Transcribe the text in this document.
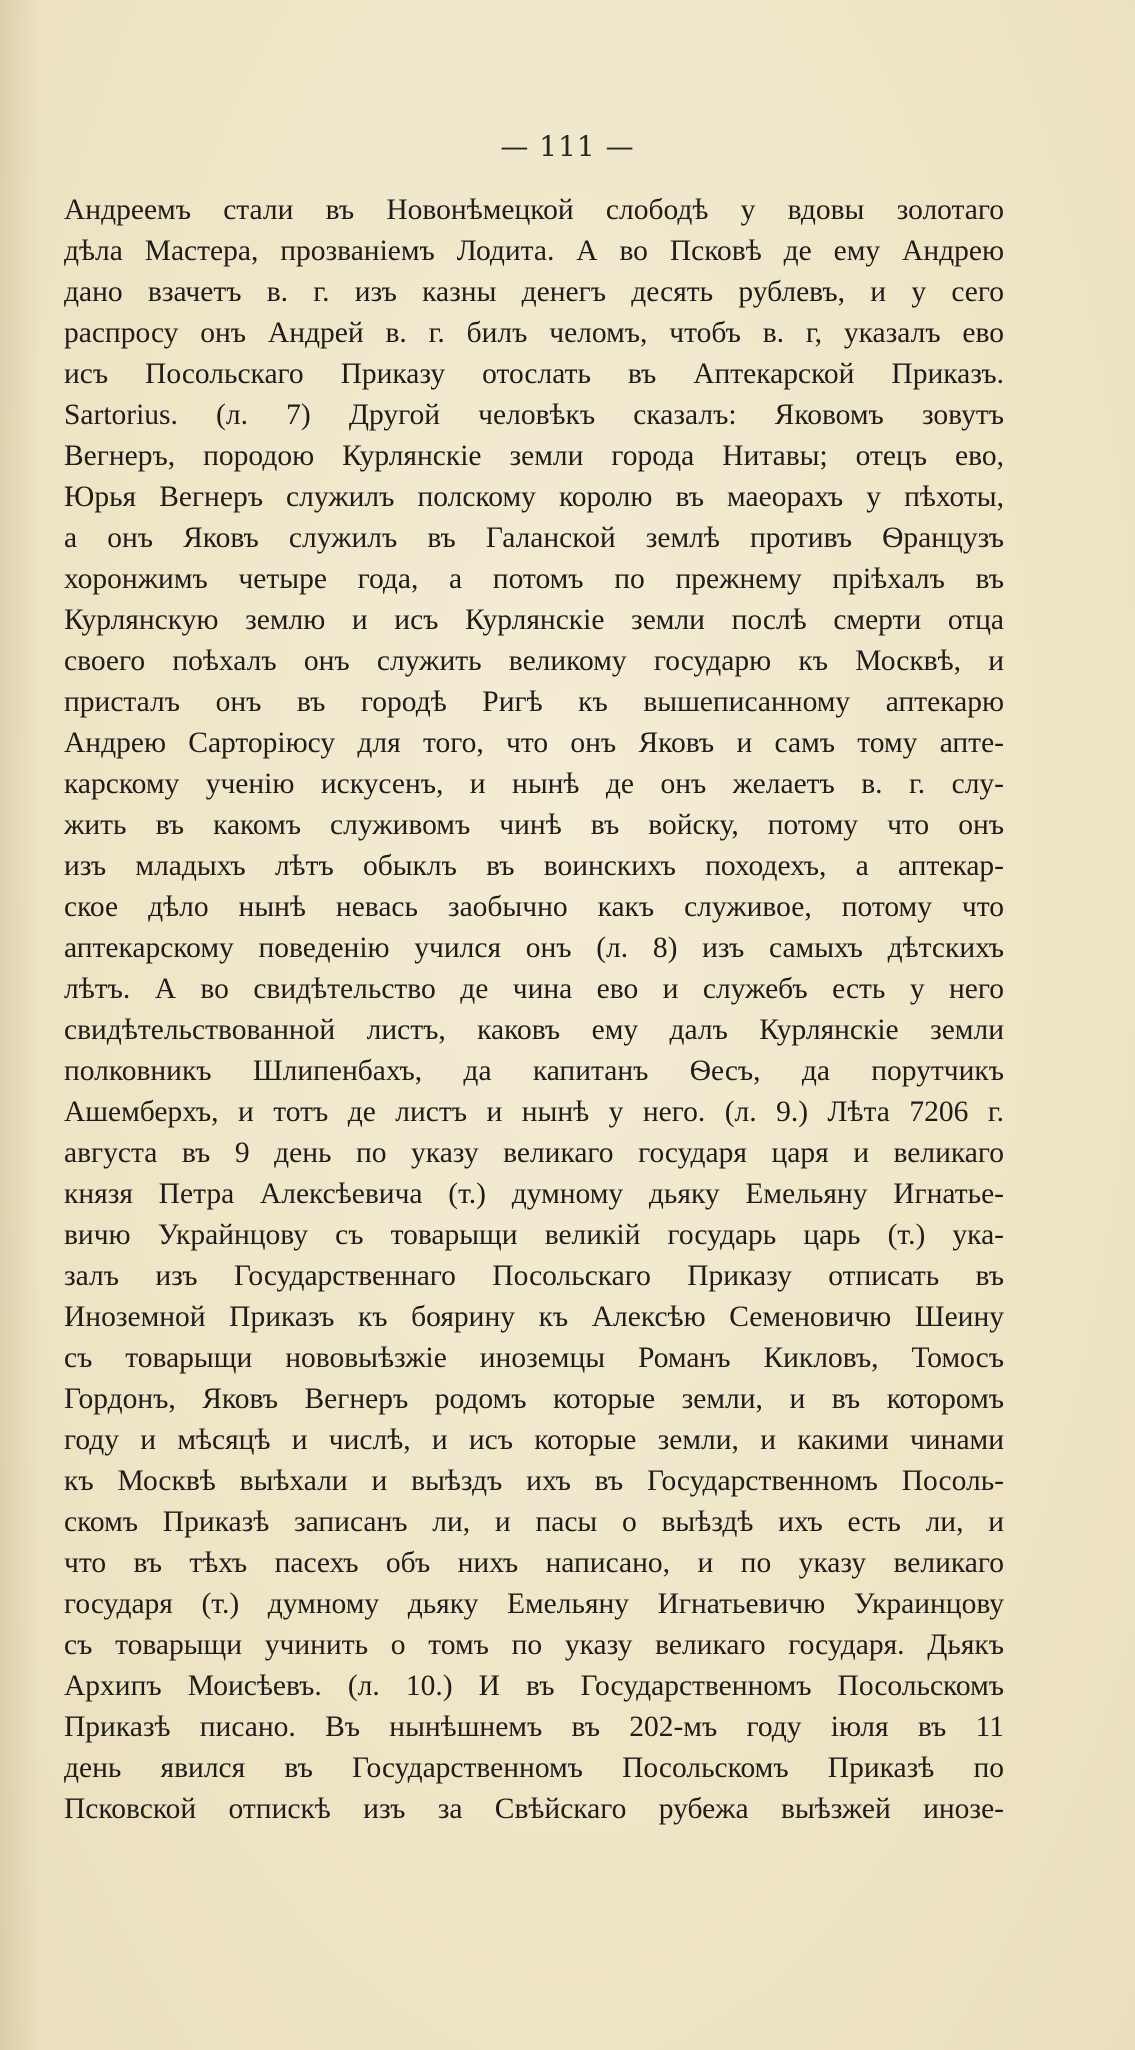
— 111 —
Андреемъ стали въ Новонѣмецкой слободѣ у вдовы золотаго
дѣла Мастера, прозваніемъ Лодита. А во Псковѣ де ему Андрею
дано взачетъ в. г. изъ казны денегъ десять рублевъ, и у сего
распросу онъ Андрей в. г. билъ челомъ, чтобъ в. г, указалъ ево
исъ Посольскаго Приказу отослать въ Аптекарской Приказъ.
Sartorius. (л. 7) Другой человѣкъ сказалъ: Яковомъ зовутъ
Вегнеръ, породою Курлянскіе земли города Нитавы; отецъ ево,
Юрья Вегнеръ служилъ полскому королю въ маеорахъ у пѣхоты,
а онъ Яковъ служилъ въ Галанской землѣ противъ Ѳранцузъ
хоронжимъ четыре года, а потомъ по прежнему пріѣхалъ въ
Курлянскую землю и исъ Курлянскіе земли послѣ смерти отца
своего поѣхалъ онъ служить великому государю къ Москвѣ, и
присталъ онъ въ городѣ Ригѣ къ вышеписанному аптекарю
Андрею Сарторіюсу для того, что онъ Яковъ и самъ тому апте-
карскому ученію искусенъ, и нынѣ де онъ желаетъ в. г. слу-
жить въ какомъ служивомъ чинѣ въ войску, потому что онъ
изъ младыхъ лѣтъ обыклъ въ воинскихъ походехъ, а аптекар-
ское дѣло нынѣ невась заобычно какъ служивое, потому что
аптекарскому поведенію учился онъ (л. 8) изъ самыхъ дѣтскихъ
лѣтъ. А во свидѣтельство де чина ево и служебъ есть у него
свидѣтельствованной листъ, каковъ ему далъ Курлянскіе земли
полковникъ Шлипенбахъ, да капитанъ Ѳесъ, да порутчикъ
Ашемберхъ, и тотъ де листъ и нынѣ у него. (л. 9.) Лѣта 7206 г.
августа въ 9 день по указу великаго государя царя и великаго
князя Петра Алексѣевича (т.) думному дьяку Емельяну Игнатье-
вичю Украйнцову съ товарыщи великій государь царь (т.) ука-
залъ изъ Государственнаго Посольскаго Приказу отписать въ
Иноземной Приказъ къ боярину къ Алексѣю Семеновичю Шеину
съ товарыщи нововыѣзжіе иноземцы Романъ Кикловъ, Томосъ
Гордонъ, Яковъ Вегнеръ родомъ которые земли, и въ которомъ
году и мѣсяцѣ и числѣ, и исъ которые земли, и какими чинами
къ Москвѣ выѣхали и выѣздъ ихъ въ Государственномъ Посоль-
скомъ Приказѣ записанъ ли, и пасы о выѣздѣ ихъ есть ли, и
что въ тѣхъ пасехъ объ нихъ написано, и по указу великаго
государя (т.) думному дьяку Емельяну Игнатьевичю Украинцову
съ товарыщи учинить о томъ по указу великаго государя. Дьякъ
Архипъ Моисѣевъ. (л. 10.) И въ Государственномъ Посольскомъ
Приказѣ писано. Въ нынѣшнемъ въ 202-мъ году іюля въ 11
день явился въ Государственномъ Посольскомъ Приказѣ по
Псковской отпискѣ изъ за Свѣйскаго рубежа выѣзжей инозе-
